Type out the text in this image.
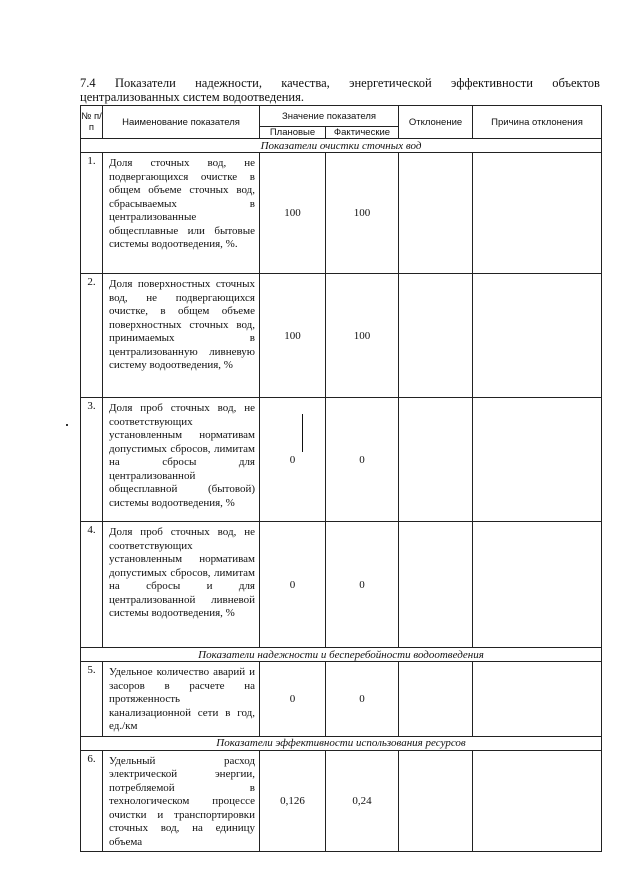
7.4 Показатели надежности, качества, энергетической эффективности объектов
централизованных систем водоотведения.
№ п/п	Наименование показателя	Значение показателя		Отклонение	Причина отклонения
		Плановые	Фактические		
Показатели очистки сточных вод					
1.	Доля сточных вод, не подвергающихся очистке в общем объеме сточных вод, сбрасываемых в централизованные общесплавные или бытовые системы водоотведения, %.	100	100		
2.	Доля поверхностных сточных вод, не подвергающихся очистке, в общем объеме поверхностных сточных вод, принимаемых в централизованную ливневую систему водоотведения, %	100	100		
3.	Доля проб сточных вод, не соответствующих установленным нормативам допустимых сбросов, лимитам на сбросы для централизованной общесплавной (бытовой) системы водоотведения, %	0	0		
4.	Доля проб сточных вод, не соответствующих установленным нормативам допустимых сбросов, лимитам на сбросы и для централизованной ливневой системы водоотведения, %	0	0		
Показатели надежности и бесперебойности водоотведения					
5.	Удельное количество аварий и засоров в расчете на протяженность канализационной сети в год, ед./км	0	0		
Показатели эффективности использования ресурсов					
6.	Удельный расход электрической энергии, потребляемой в технологическом процессе очистки и транспортировки сточных вод, на единицу объема	0,126	0,24		
